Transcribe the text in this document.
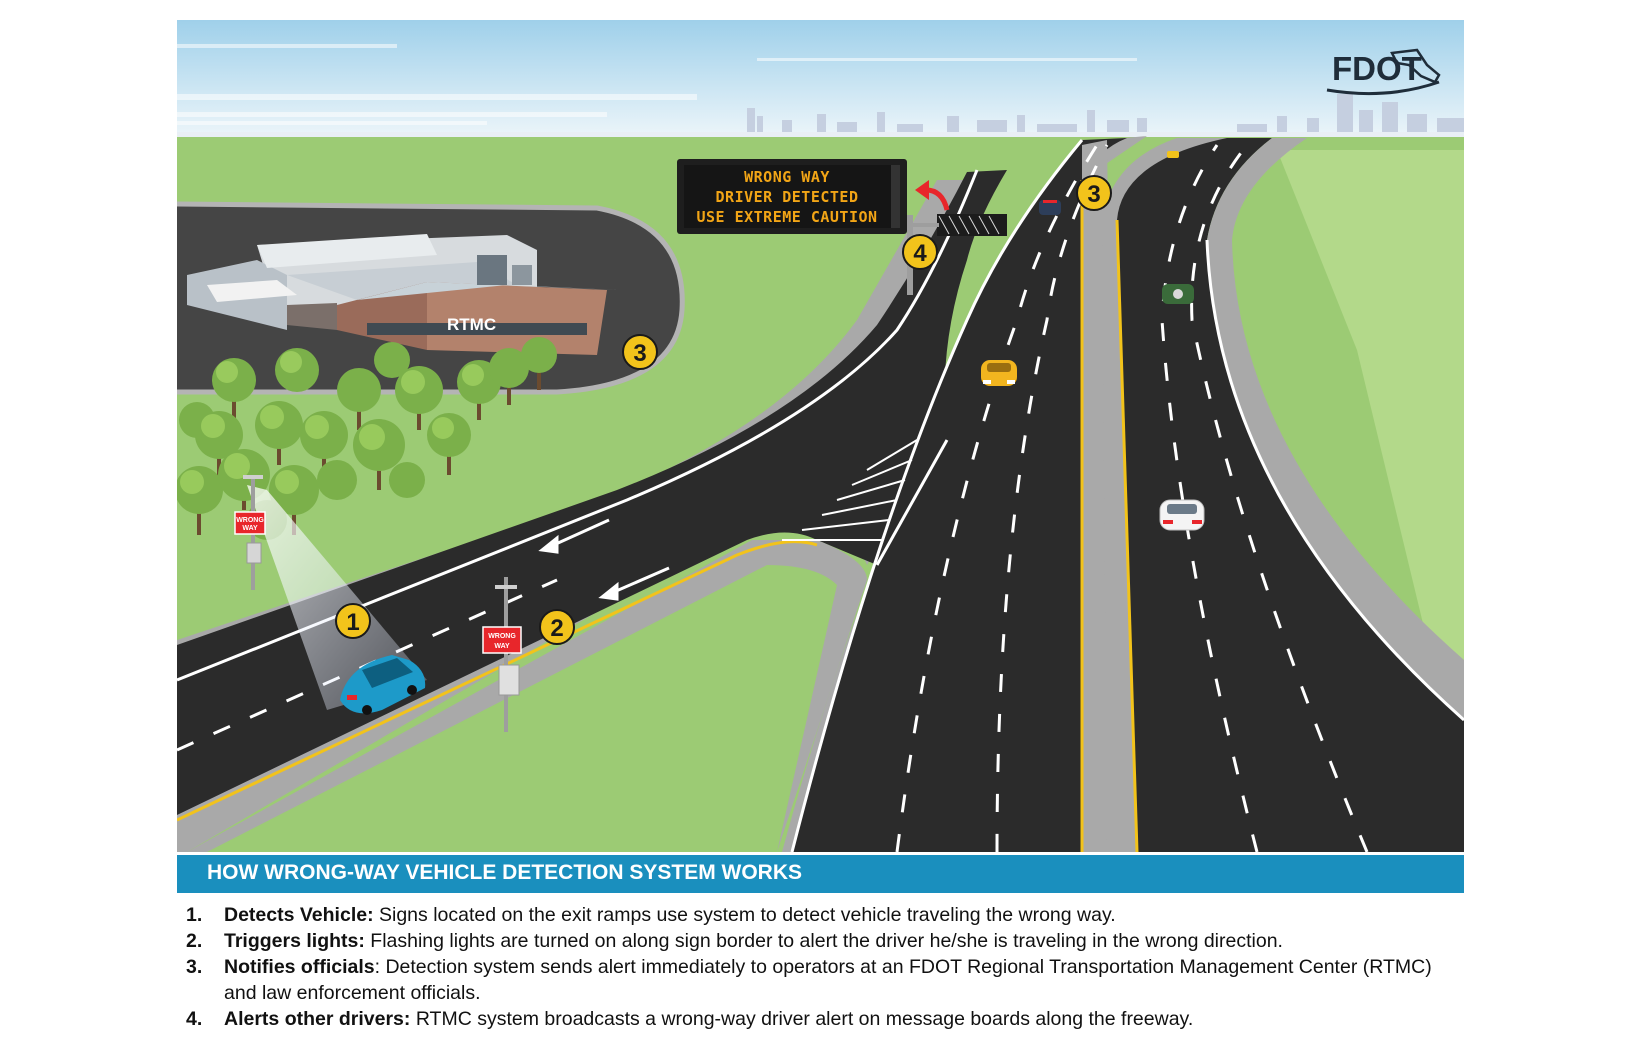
RTMC
WRONG WAY
DRIVER DETECTED
USE EXTREME CAUTION
WRONG
WAY
WRONG
WAY
1	2
3
3
4
FDOT
HOW WRONG-WAY VEHICLE DETECTION SYSTEM WORKS
1. Detects Vehicle: Signs located on the exit ramps use system to detect vehicle traveling the wrong way.
2. Triggers lights: Flashing lights are turned on along sign border to alert the driver he/she is traveling in the wrong direction.
3. Notifies officials: Detection system sends alert immediately to operators at an FDOT Regional Transportation Management Center (RTMC) and law enforcement officials.
4. Alerts other drivers: RTMC system broadcasts a wrong-way driver alert on message boards along the freeway.
